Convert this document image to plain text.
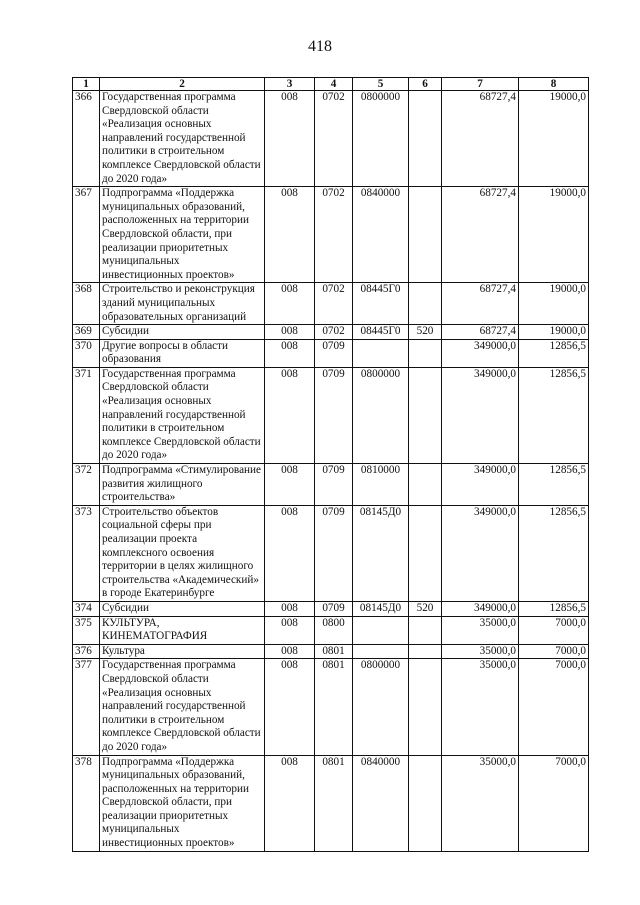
418
1	2	3	4	5	6	7	8
366	Государственная программа Свердловской области «Реализация основных направлений государственной политики в строительном комплексе Свердловской области до 2020 года»	008	0702	0800000		68727,4	19000,0
367	Подпрограмма «Поддержка муниципальных образований, расположенных на территории Свердловской области, при реализации приоритетных муниципальных инвестиционных проектов»	008	0702	0840000		68727,4	19000,0
368	Строительство и реконструкция зданий муниципальных образовательных организаций	008	0702	08445Г0		68727,4	19000,0
369	Субсидии	008	0702	08445Г0	520	68727,4	19000,0
370	Другие вопросы в области образования	008	0709			349000,0	12856,5
371	Государственная программа Свердловской области «Реализация основных направлений государственной политики в строительном комплексе Свердловской области до 2020 года»	008	0709	0800000		349000,0	12856,5
372	Подпрограмма «Стимулирование развития жилищного строительства»	008	0709	0810000		349000,0	12856,5
373	Строительство объектов социальной сферы при реализации проекта комплексного освоения территории в целях жилищного строительства «Академический» в городе Екатеринбурге	008	0709	08145Д0		349000,0	12856,5
374	Субсидии	008	0709	08145Д0	520	349000,0	12856,5
375	КУЛЬТУРА, КИНЕМАТОГРАФИЯ	008	0800			35000,0	7000,0
376	Культура	008	0801			35000,0	7000,0
377	Государственная программа Свердловской области «Реализация основных направлений государственной политики в строительном комплексе Свердловской области до 2020 года»	008	0801	0800000		35000,0	7000,0
378	Подпрограмма «Поддержка муниципальных образований, расположенных на территории Свердловской области, при реализации приоритетных муниципальных инвестиционных проектов»	008	0801	0840000		35000,0	7000,0
